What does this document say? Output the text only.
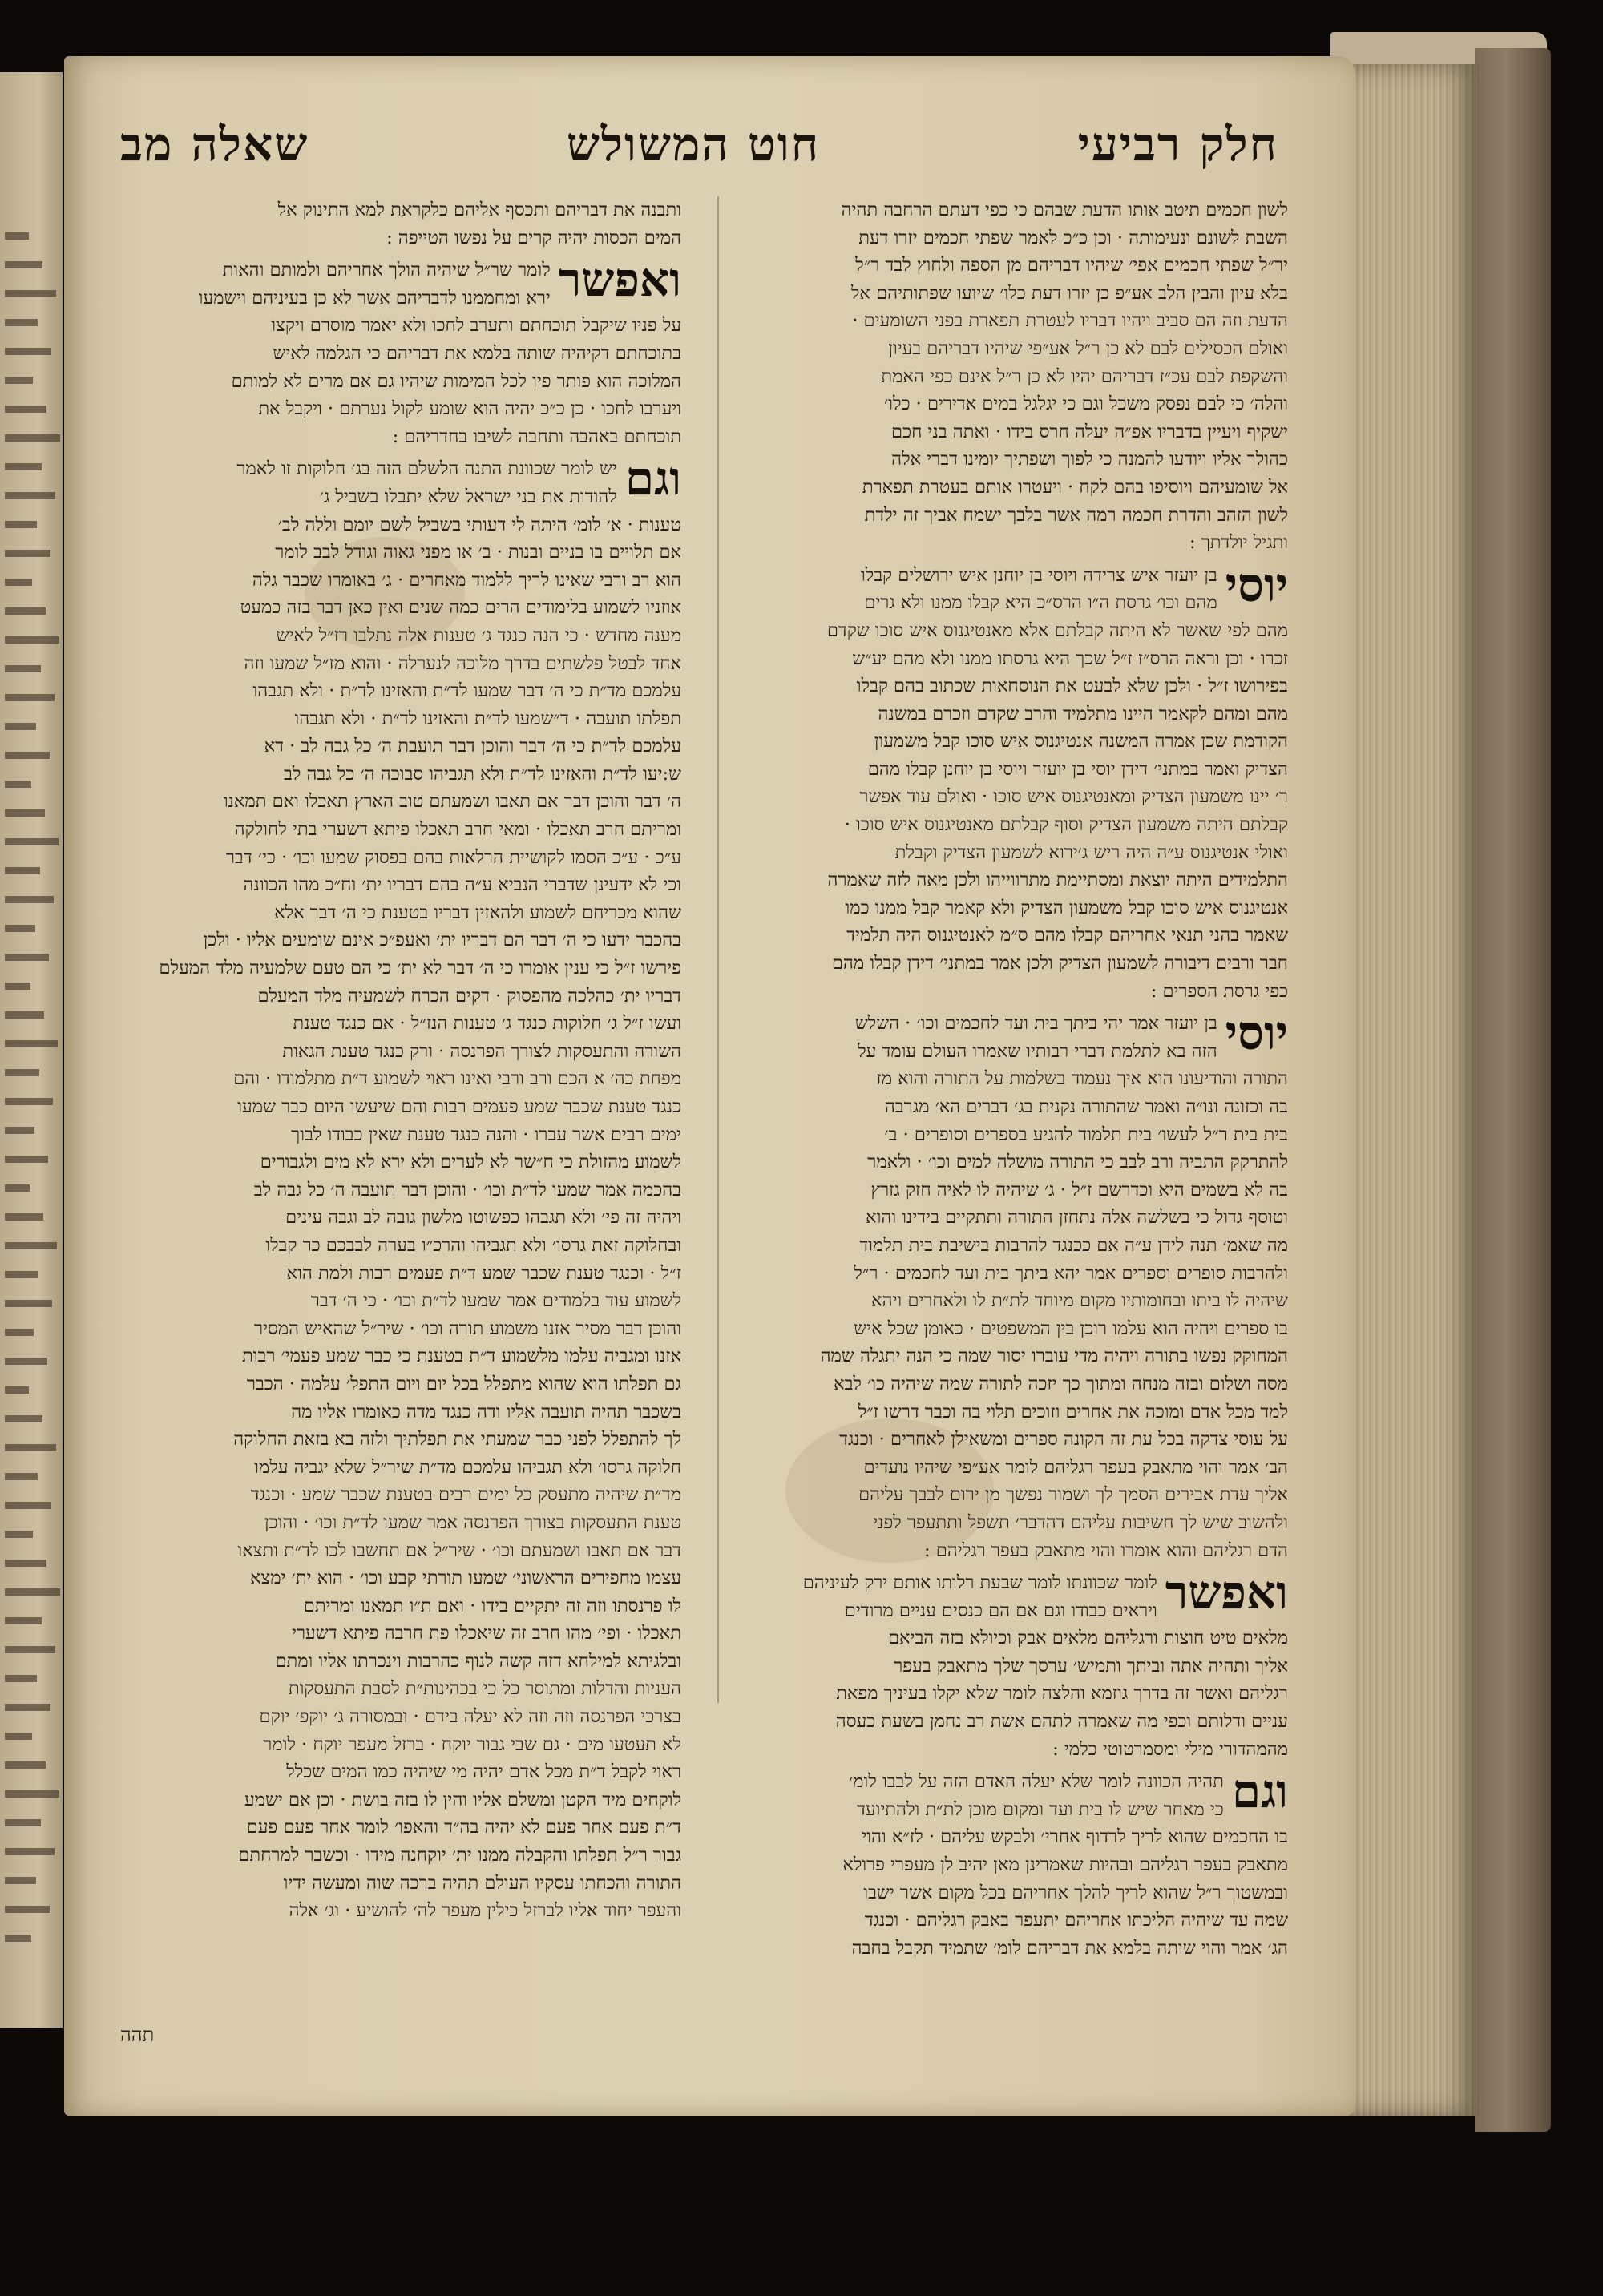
חלק רביעי
חוט המשולש
שאלה מב
לשון חכמים תיטב אותו הדעת שבהם כי כפי דעתם הרחבה תהיה
השבת לשונם ונעימותה · וכן כ״כ לאמר שפתי חכמים יזרו דעת
יר״ל שפתי חכמים אפי׳ שיהיו דבריהם מן הספה ולחוץ לבד ר״ל
בלא עיון והבין הלב אע״פ כן יזרו דעת כלו׳ שיועו שפתותיהם אל
הדעת וזה הם סביב ויהיו דבריו לעטרת תפארת בפני השומעים ·
ואולם הכסילים לבם לא כן ר״ל אע״פי שיהיו דבריהם בעיון
והשקפת לבם עכ״ז דבריהם יהיו לא כן ר״ל אינם כפי האמת
והלה׳ כי לבם נפסק משכל וגם כי יגלגל במים אדירים · כלו׳
ישקיף ויעיין בדבריו אפ״ה יעלה חרס בידו · ואתה בני חכם
כהולך אליו ויודעו להמנה כי לפוך ושפתיך יומינו דברי אלה
אל שומעיהם ויוסיפו בהם לקח · ויעטרו אותם בעטרת תפארת
לשון הזהב והדרת חכמה רמה אשר בלבך ישמח אביך זה ילדת
ותגיל יולדתך :
יוסי
בן יועזר איש צרידה ויוסי בן יוחנן איש ירושלים קבלו
מהם וכו׳ גרסת ה״ו הרס״כ היא קבלו ממנו ולא גרים
מהם לפי שאשר לא היתה קבלתם אלא מאנטיגנוס איש סוכו שקדם
זכרו · וכן וראה הרס״ז ז״ל שכך היא גרסתו ממנו ולא מהם יע״ש
בפירושו ז״ל · ולכן שלא לבעט את הנוסחאות שכתוב בהם קבלו
מהם ומהם לקאמר היינו מתלמיד והרב שקדם וזכרם במשנה
הקודמת שכן אמרה המשנה אנטיגנוס איש סוכו קבל משמעון
הצדיק ואמר במתני׳ דידן יוסי בן יועזר ויוסי בן יוחנן קבלו מהם
ר׳ יינו משמעון הצדיק ומאנטיגנוס איש סוכו · ואולם עוד אפשר
קבלתם היתה משמעון הצדיק וסוף קבלתם מאנטיגנוס איש סוכו ·
ואולי אנטיגנוס ע״ה היה ריש ג׳ירוא לשמעון הצדיק וקבלת
התלמידים היתה יוצאת ומסתיימת מתרווייהו ולכן מאה לזה שאמרה
אנטיגנוס איש סוכו קבל משמעון הצדיק ולא קאמר קבל ממנו כמו
שאמר בהני תנאי אחריהם קבלו מהם ס״מ לאנטיגנוס היה תלמיד
חבר ורבים דיבורה לשמעון הצדיק ולכן אמר במתני׳ דידן קבלו מהם
כפי גרסת הספרים :
יוסי
בן יועזר אמר יהי ביתך בית ועד לחכמים וכו׳ · השלש
הזה בא לתלמת דברי רבותיו שאמרו העולם עומד על
התורה והודיעונו הוא איך נעמוד בשלמות על התורה והוא מז
בה וכזונה ונו״ה ואמר שהתורה נקנית בג׳ דברים הא׳ מגרבה
בית בית ר״ל לעשו׳ בית תלמוד להגיע בספרים וסופרים · ב׳
להתרקק התביה ורב לבב כי התורה מושלה למים וכו׳ · ולאמר
בה לא בשמים היא וכדרשם ז״ל · ג׳ שיהיה לו לאיה חזק גזרץ
וטוסף גדול כי בשלשה אלה נתחזן התורה ותתקיים בידינו והוא
מה שאמ׳ תנה לידן ע״ה אם ככנגד להרבות בישיבת בית תלמוד
ולהרבות סופרים וספרים אמר יהא ביתך בית ועד לחכמים · ר״ל
שיהיה לו ביתו ובחומותיו מקום מיוחד לת״ת לו ולאחרים ויהא
בו ספרים ויהיה הוא עלמו רוכן בין המשפטים · כאומן שכל איש
המחוקק נפשו בתורה ויהיה מדי עוברו יסור שמה כי הנה יתגלה שמה
מסה ושלום ובזה מנחה ומתוך כך יזכה לתורה שמה שיהיה כו׳ לבא
למד מכל אדם ומוכה את אחרים וזוכים תלוי בה וכבר דרשו ז״ל
על עוסי צדקה בכל עת זה הקונה ספרים ומשאילן לאחרים · וכנגד
הב׳ אמר והוי מתאבק בעפר רגליהם לומר אע״פי שיהיו נועדים
אליך עדת אבירים הסמך לך ושמור נפשך מן ירום לבבך עליהם
ולהשוב שיש לך חשיבות עליהם דהדבר׳ תשפל ותתעפר לפני
הדם רגליהם והוא אומרו והוי מתאבק בעפר רגליהם :
ואפשר
לומר שכוונתו לומר שבעת רלותו אותם ירק לעיניהם
ויראים כבודו וגם אם הם כנסים עניים מרודים
מלאים טיט חוצות ורגליהם מלאים אבק וכיולא בזה הביאם
אליך ותהיה אתה וביתך ותמיש׳ ערסך שלך מתאבק בעפר
רגליהם ואשר זה בדרך גוזמא והלצה לומר שלא יקלו בעיניך מפאת
עניים ודלותם וכפי מה שאמרה לתהם אשת רב נחמן בשעת כעסה
מהמהדורי מילי ומסמרטוטי כלמי :
וגם
תהיה הכוונה לומר שלא יעלה האדם הזה על לבבו לומ׳
כי מאחר שיש לו בית ועד ומקום מוכן לת״ת ולהתיועד
בו החכמים שהוא לריך לרדוף אחרי׳ ולבקש עליהם · לז״א והוי
מתאבק בעפר רגליהם ובהיות שאמרינן מאן יהיב לן מעפרי פרולא
ובמשטוך ר״ל שהוא לריך להלך אחריהם בכל מקום אשר ישבו
שמה עד שיהיה הליכתו אחריהם יתעפר באבק רגליהם · וכנגד
הג׳ אמר והוי שותה בלמא את דבריהם לומ׳ שתמיד תקבל בחבה
ותבנה את דבריהם ותכסף אליהם כלקראת למא התינוק אל
המים הכסות יהיה קרים על נפשו הטייפה :
ואפשר
לומר שר״ל שיהיה הולך אחריהם ולמותם והאות
ירא ומחממנו לדבריהם אשר לא כן בעיניהם וישמעו
על פניו שיקבל תוכחתם ותערב לחכו ולא יאמר מוסרם ויקצו
בתוכחתם דקיהיה שותה בלמא את דבריהם כי הגלמה לאיש
המלוכה הוא פותר פיו לכל המימות שיהיו גם אם מרים לא למותם
ויערבו לחכו · כן כ״כ יהיה הוא שומע לקול נערתם · ויקבל את
תוכחתם באהבה ותחבה לשיבו בחדריהם :
וגם
יש לומר שכוונת התנה הלשלם הזה בג׳ חלוקות זו לאמר
להודות את בני ישראל שלא יתבלו בשביל ג׳
טענות · א׳ לומ׳ היתה לי דעותי בשביל לשם יומם וללה לב׳
אם תלויים בו בניים ובנות · ב׳ או מפני גאוה וגודל לבב לומר
הוא רב ורבי שאינו לריך ללמוד מאחרים · ג׳ באומרו שכבר גלה
אוזניו לשמוע בלימודים הרים כמה שנים ואין כאן דבר בזה כמעט
מענה מחדש · כי הנה כנגד ג׳ טענות אלה נתלבו רז״ל לאיש
אחד לבטל פלשתים בדרך מלוכה לנערלה · והוא מז״ל שמעו וזה
עלמכם מד״ת כי ה׳ דבר שמעו לד״ת והאזינו לד״ת · ולא תגבהו
תפלתו תועבה · ד״שמעו לד״ת והאזינו לד״ת · ולא תגבהו
עלמכם לד״ת כי ה׳ דבר והוכן דבר תועבת ה׳ כל גבה לב · דא
ש:יעו לד״ת והאזינו לד״ת ולא תגביהו סבוכה ה׳ כל גבה לב
ה׳ דבר והוכן דבר אם תאבו ושמעתם טוב הארץ תאכלו ואם תמאנו
ומריתם חרב תאכלו · ומאי חרב תאכלו פיתא דשערי בתי לחולקה
ע״כ · ע״כ הסמו לקושיית הרלאות בהם בפסוק שמעו וכו׳ · כי׳ דבר
וכי לא ידעינן שדברי הנביא ע״ה בהם דבריו ית׳ וח״כ מהו הכוונה
שהוא מכריחם לשמוע ולהאזין דבריו בטענת כי ה׳ דבר אלא
בהכבר ידעו כי ה׳ דבר הם דבריו ית׳ ואעפ״כ אינם שומעים אליו · ולכן
פירשו ז״ל כי ענין אומרו כי ה׳ דבר לא ית׳ כי הם טעם שלמעיה מלד המעלם
דבריו ית׳ כהלכה מהפסוק · דקים הכרח לשמעיה מלד המעלם
ועשו ז״ל ג׳ חלוקות כנגד ג׳ טענות הנז״ל · אם כנגד טענת
השורה והתעסקות לצורך הפרנסה · ורק כנגד טענת הגאות
מפחת כה׳ א הכם ורב ורבי ואינו ראוי לשמוע ד״ת מתלמודו · והם
כנגד טענת שכבר שמע פעמים רבות והם שיעשו היום כבר שמעו
ימים רבים אשר עברו · והנה כנגד טענת שאין כבודו לבוך
לשמוע מהזולת כי ח״שר לא לערים ולא ירא לא מים ולגבורים
בהכמה אמר שמעו לד״ת וכו׳ · והוכן דבר תועבה ה׳ כל גבה לב
ויהיה זה פי׳ ולא תגבהו כפשוטו מלשון גובה לב וגבה עינים
ובחלוקה זאת גרסו׳ ולא תגביהו והרכ״ו בערה לבבכם כר קבלו
ז״ל · וכנגד טענת שכבר שמע ד״ת פעמים רבות ולמת הוא
לשמוע עוד בלמודים אמר שמעו לד״ת וכו׳ · כי ה׳ דבר
והוכן דבר מסיר אזנו משמוע תורה וכו׳ · שיר״ל שהאיש המסיר
אזנו ומגביה עלמו מלשמוע ד״ת בטענת כי כבר שמע פעמי׳ רבות
גם תפלתו הוא שהוא מתפלל בכל יום ויום התפל׳ עלמה · הכבר
בשכבר תהיה תועבה אליו ודה כנגד מדה כאומרו אליו מה
לך להתפלל לפני כבר שמעתי את תפלתיך ולזה בא בזאת החלוקה
חלוקה גרסו׳ ולא תגביהו עלמכם מד״ת שיר״ל שלא יגביה עלמו
מד״ת שיהיה מתעסק כל ימים רבים בטענת שכבר שמע · וכנגד
טענת התעסקות בצורך הפרנסה אמר שמעו לד״ת וכו׳ · והוכן
דבר אם תאבו ושמעתם וכו׳ · שיר״ל אם תחשבו לכו לד״ת ותצאו
עצמו מחפירים הראשוני׳ שמעו תורתי קבע וכו׳ · הוא ית׳ ימצא
לו פרנסתו וזה זה יתקיים בידו · ואם ת״ו תמאנו ומריתם
תאכלו · ופי׳ מהו חרב זה שיאכלו פת חרבה פיתא דשערי
ובלגיתא למילחא דזה קשה לנוף כהרבות וינכרתו אליו ומתם
העניות והדלות ומתוסר כל כי בכהינות״ת לסבת התעסקות
בצרכי הפרנסה וזה וזה לא יעלה בידם · ובמסורה ג׳ יוקפ׳ יוקם
לא תעטעו מים · גם שבי גבור יוקח · ברזל מעפר יוקח · לומר
ראוי לקבל ד״ת מכל אדם יהיה מי שיהיה כמו המים שכלל
לוקחים מיד הקטן ומשלם אליו והין לו בזה בושת · וכן אם ישמע
ד״ת פעם אחר פעם לא יהיה בה״ד והאפו׳ לומר אחר פעם פעם
גבור ר״ל תפלתו והקבלה ממנו ית׳ יוקחנה מידו · וכשבר למרחתם
התורה והכחתו עסקיו העולם תהיה ברכה שוה ומעשה ידיו
והעפר יחוד אליו לברזל כילין מעפר לה׳ להושיע · וג׳ אלה
תהה
